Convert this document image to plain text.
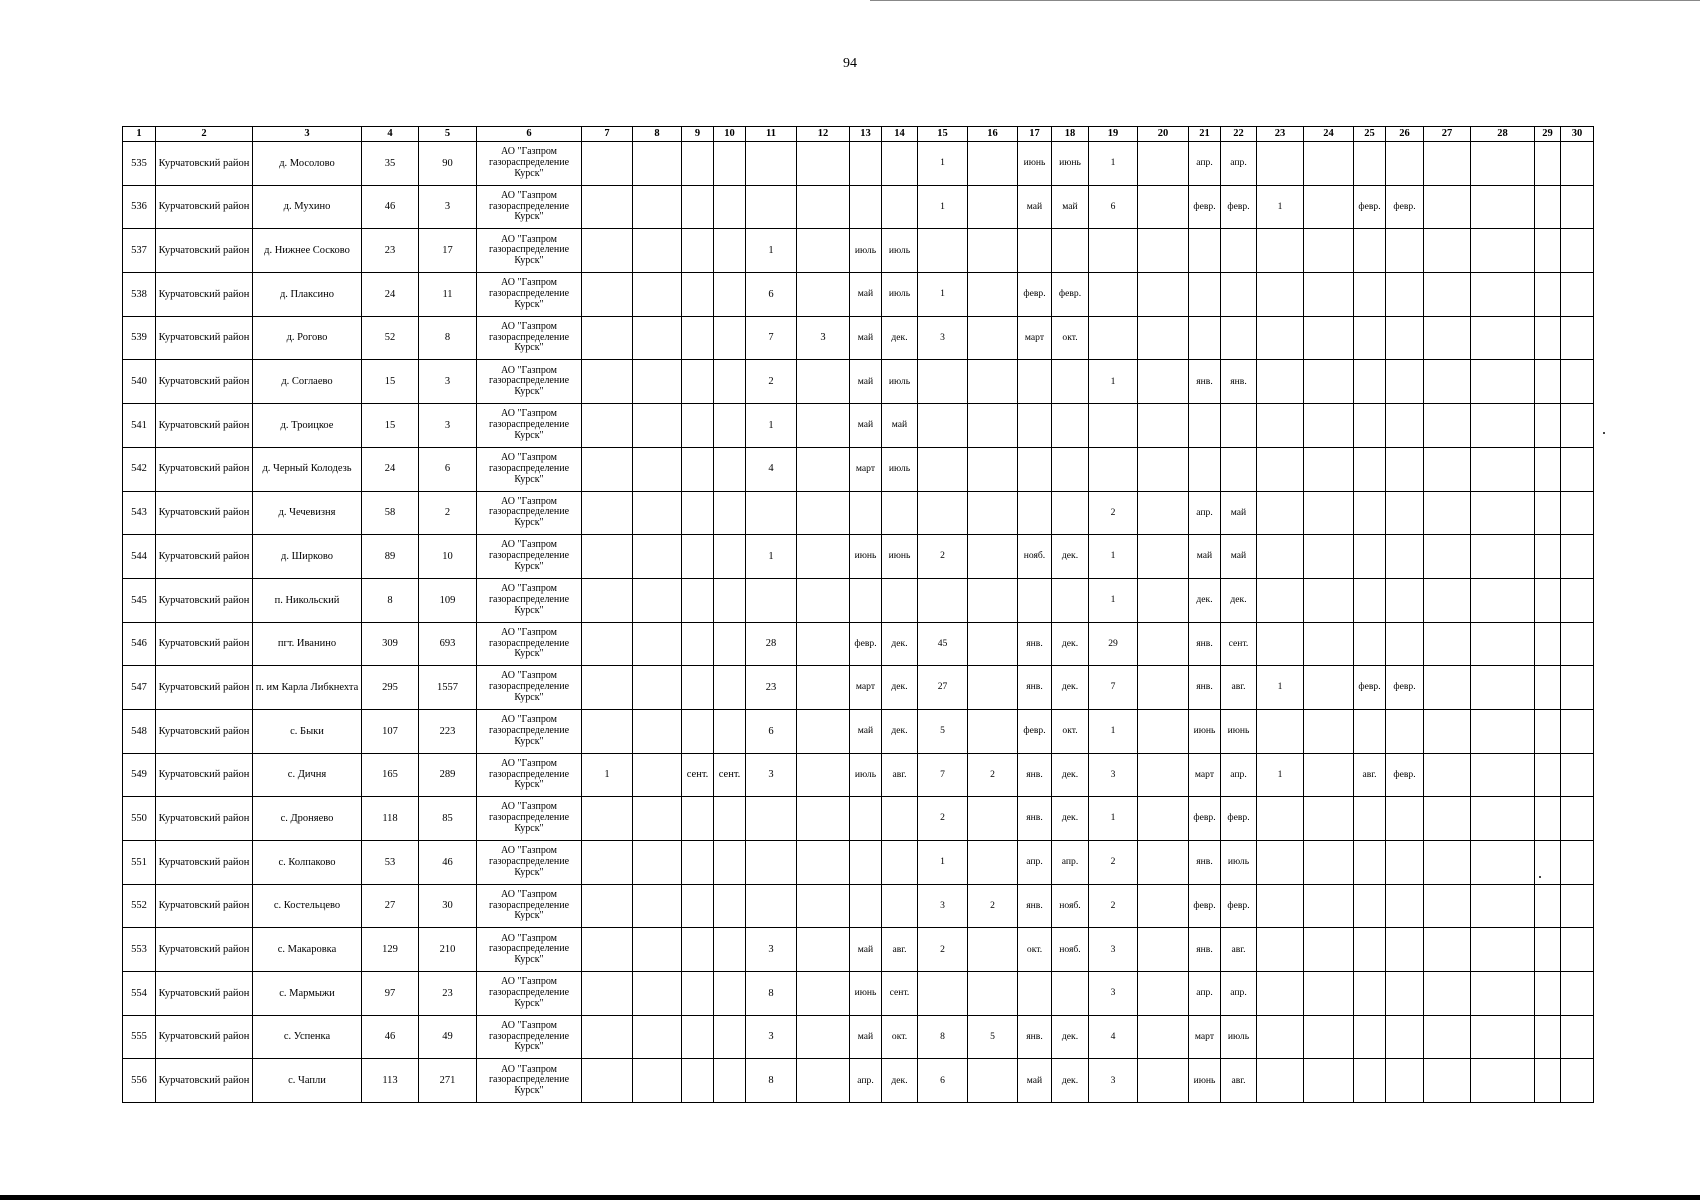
94
1	2	3	4	5	6	7	8	9	10	11	12	13	14	15	16	17	18	19	20	21	22	23	24	25	26	27	28	29	30
535	Курчатовский район	д. Мосолово	35	90	АО "Газпром газораспределение Курск"									1		июнь	июнь	1		апр.	апр.								
536	Курчатовский район	д. Мухино	46	3	АО "Газпром газораспределение Курск"									1		май	май	6		февр.	февр.	1		февр.	февр.				
537	Курчатовский район	д. Нижнее Сосково	23	17	АО "Газпром газораспределение Курск"					1		июль	июль																
538	Курчатовский район	д. Плаксино	24	11	АО "Газпром газораспределение Курск"					6		май	июль	1		февр.	февр.												
539	Курчатовский район	д. Рогово	52	8	АО "Газпром газораспределение Курск"					7	3	май	дек.	3		март	окт.												
540	Курчатовский район	д. Соглаево	15	3	АО "Газпром газораспределение Курск"					2		май	июль					1		янв.	янв.								
541	Курчатовский район	д. Троицкое	15	3	АО "Газпром газораспределение Курск"					1		май	май																
542	Курчатовский район	д. Черный Колодезь	24	6	АО "Газпром газораспределение Курск"					4		март	июль																
543	Курчатовский район	д. Чечевизня	58	2	АО "Газпром газораспределение Курск"													2		апр.	май								
544	Курчатовский район	д. Ширково	89	10	АО "Газпром газораспределение Курск"					1		июнь	июнь	2		нояб.	дек.	1		май	май								
545	Курчатовский район	п. Никольский	8	109	АО "Газпром газораспределение Курск"													1		дек.	дек.								
546	Курчатовский район	пгт. Иванино	309	693	АО "Газпром газораспределение Курск"					28		февр.	дек.	45		янв.	дек.	29		янв.	сент.								
547	Курчатовский район	п. им Карла Либкнехта	295	1557	АО "Газпром газораспределение Курск"					23		март	дек.	27		янв.	дек.	7		янв.	авг.	1		февр.	февр.				
548	Курчатовский район	с. Быки	107	223	АО "Газпром газораспределение Курск"					6		май	дек.	5		февр.	окт.	1		июнь	июнь								
549	Курчатовский район	с. Дичня	165	289	АО "Газпром газораспределение Курск"	1		сент.	сент.	3		июль	авг.	7	2	янв.	дек.	3		март	апр.	1		авг.	февр.				
550	Курчатовский район	с. Дроняево	118	85	АО "Газпром газораспределение Курск"									2		янв.	дек.	1		февр.	февр.								
551	Курчатовский район	с. Колпаково	53	46	АО "Газпром газораспределение Курск"									1		апр.	апр.	2		янв.	июль								
552	Курчатовский район	с. Костельцево	27	30	АО "Газпром газораспределение Курск"									3	2	янв.	нояб.	2		февр.	февр.								
553	Курчатовский район	с. Макаровка	129	210	АО "Газпром газораспределение Курск"					3		май	авг.	2		окт.	нояб.	3		янв.	авг.								
554	Курчатовский район	с. Мармыжи	97	23	АО "Газпром газораспределение Курск"					8		июнь	сент.					3		апр.	апр.								
555	Курчатовский район	с. Успенка	46	49	АО "Газпром газораспределение Курск"					3		май	окт.	8	5	янв.	дек.	4		март	июль								
556	Курчатовский район	с. Чапли	113	271	АО "Газпром газораспределение Курск"					8		апр.	дек.	6		май	дек.	3		июнь	авг.								
